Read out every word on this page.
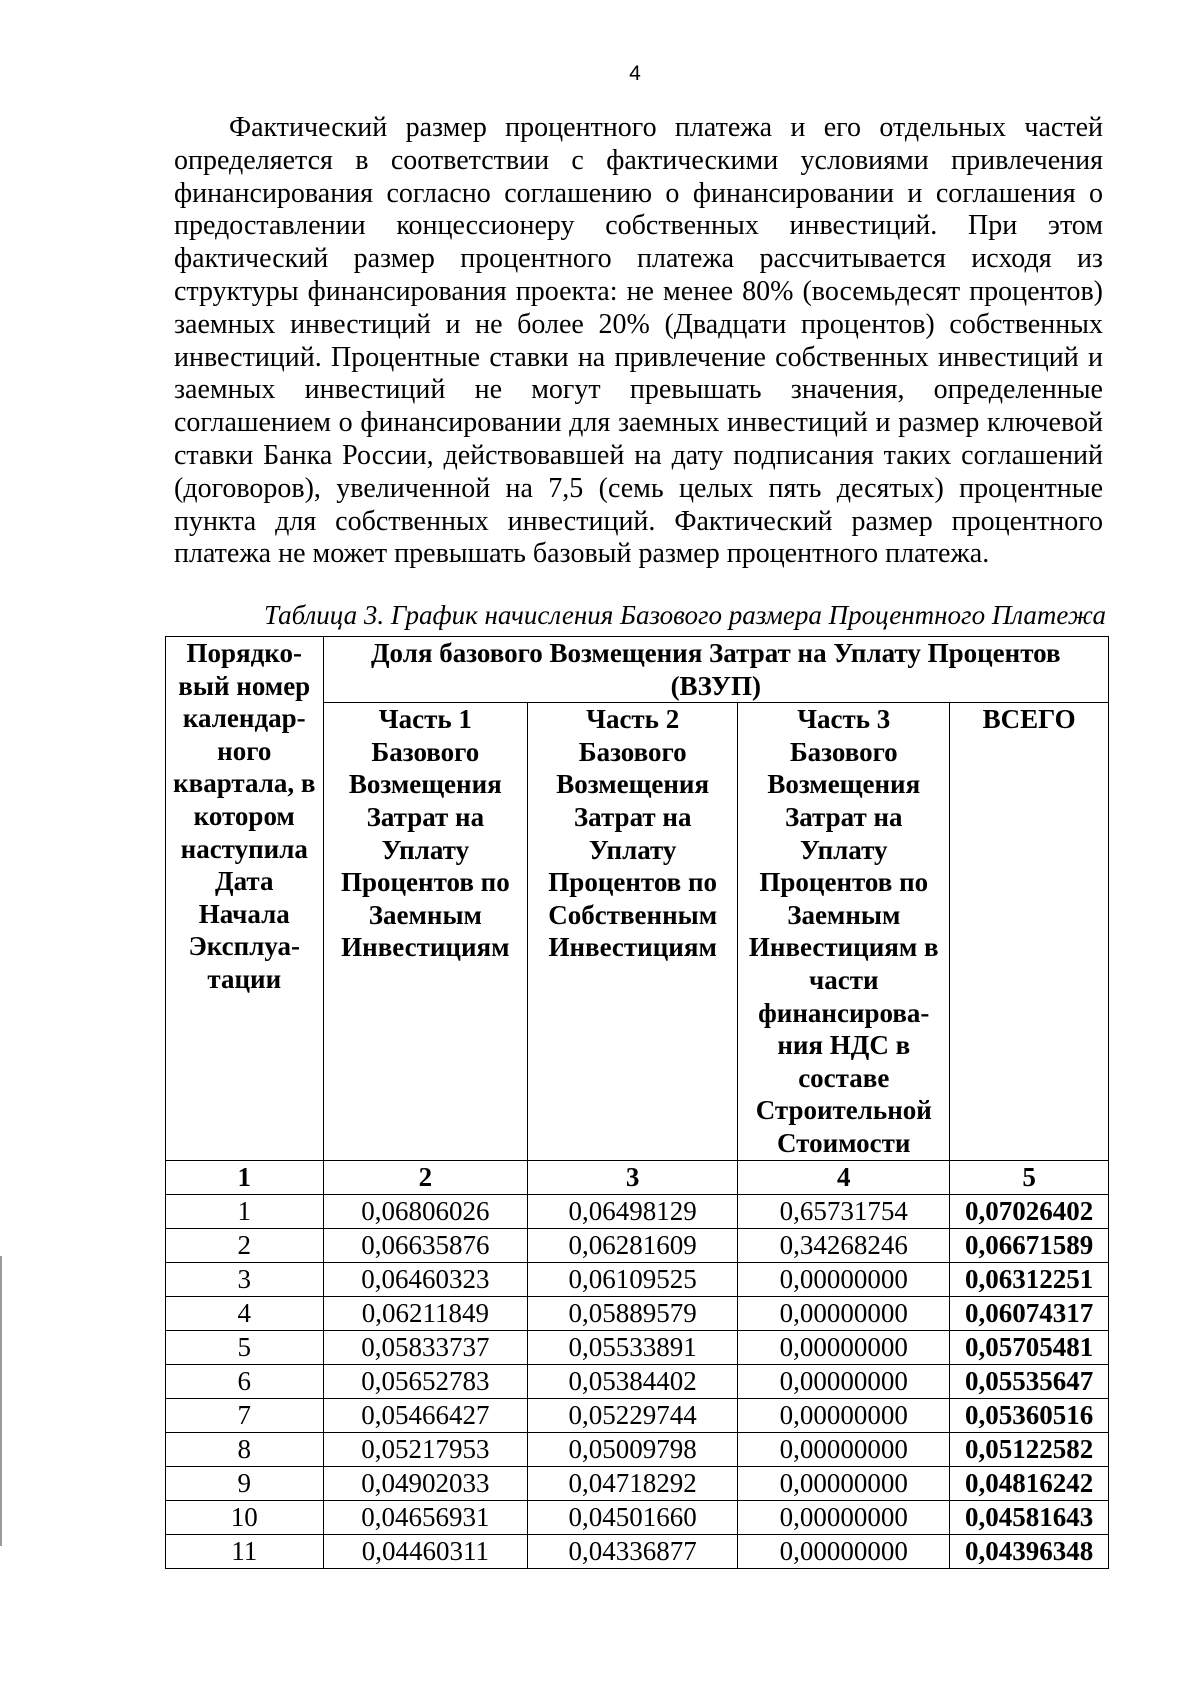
4

Фактический размер процентного платежа и его отдельных частей определяется в соответствии с фактическими условиями привлечения финансирования согласно соглашению о финансировании и соглашения о предоставлении концессионеру собственных инвестиций. При этом фактический размер процентного платежа рассчитывается исходя из структуры финансирования проекта: не менее 80% (восемьдесят процентов) заемных инвестиций и не более 20% (Двадцати процентов) собственных инвестиций. Процентные ставки на привлечение собственных инвестиций и заемных инвестиций не могут превышать значения, определенные соглашением о финансировании для заемных инвестиций и размер ключевой ставки Банка России, действовавшей на дату подписания таких соглашений (договоров), увеличенной на 7,5 (семь целых пять десятых) процентные пункта для собственных инвестиций. Фактический размер процентного платежа не может превышать базовый размер процентного платежа.

Таблица 3. График начисления Базового размера Процентного Платежа
Порядко-вый номер календар-ного квартала, в котором наступила Дата Начала Эксплуа-тации	Доля базового Возмещения Затрат на Уплату Процентов (ВЗУП)			
	Часть 1 Базового Возмещения Затрат на Уплату Процентов по Заемным Инвестициям	Часть 2 Базового Возмещения Затрат на Уплату Процентов по Собственным Инвестициям	Часть 3 Базового Возмещения Затрат на Уплату Процентов по Заемным Инвестициям в части финансирова-ния НДС в составе Строительной Стоимости	ВСЕГО
1	2	3	4	5
1	0,06806026	0,06498129	0,65731754	0,07026402
2	0,06635876	0,06281609	0,34268246	0,06671589
3	0,06460323	0,06109525	0,00000000	0,06312251
4	0,06211849	0,05889579	0,00000000	0,06074317
5	0,05833737	0,05533891	0,00000000	0,05705481
6	0,05652783	0,05384402	0,00000000	0,05535647
7	0,05466427	0,05229744	0,00000000	0,05360516
8	0,05217953	0,05009798	0,00000000	0,05122582
9	0,04902033	0,04718292	0,00000000	0,04816242
10	0,04656931	0,04501660	0,00000000	0,04581643
11	0,04460311	0,04336877	0,00000000	0,04396348
